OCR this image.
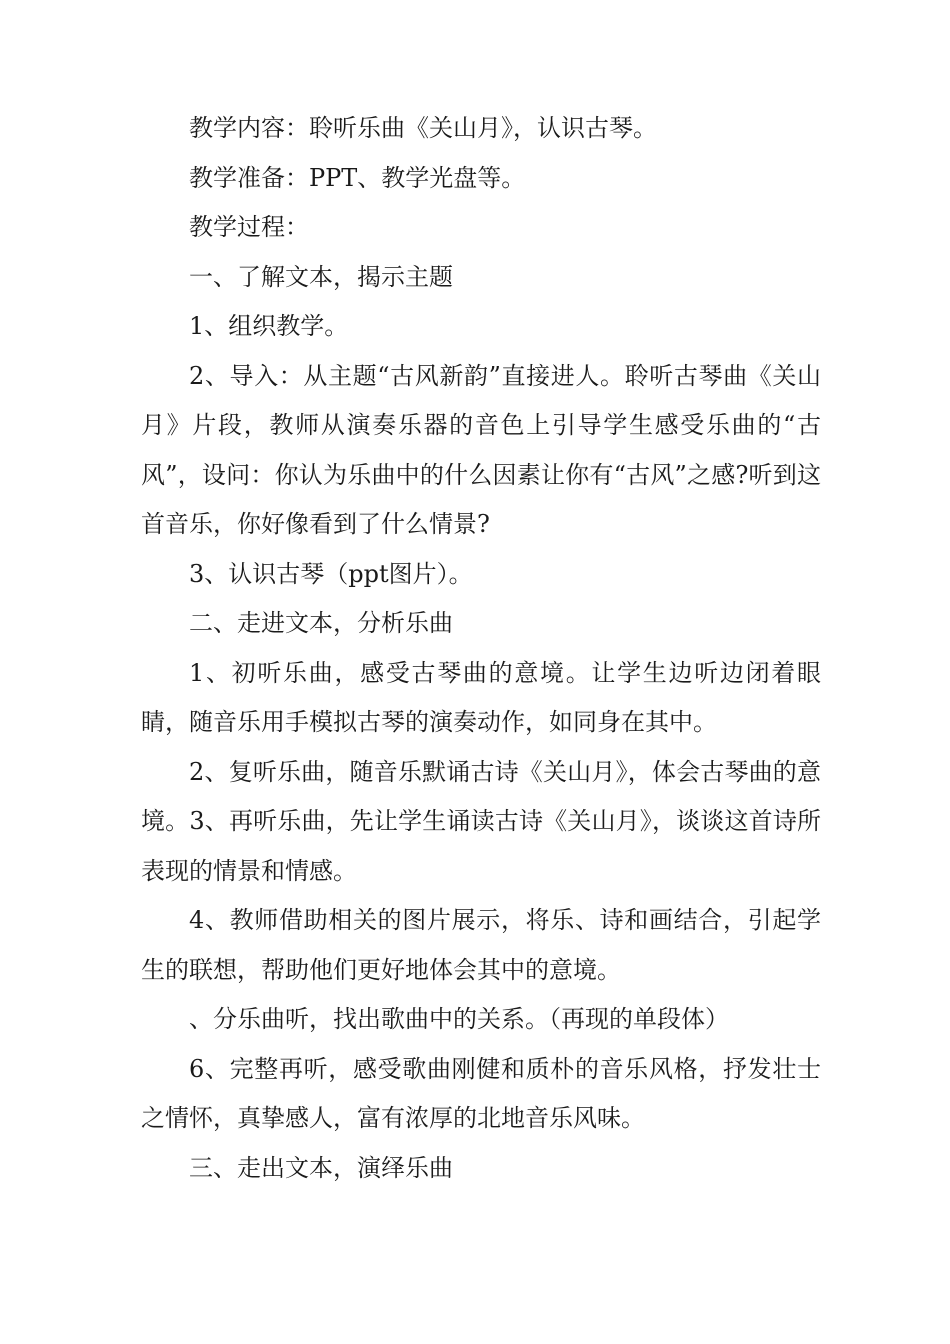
教学内容：聆听乐曲《关山月》，认识古琴。

教学准备：PPT、教学光盘等。

教学过程：

一、了解文本，揭示主题

1、组织教学。

2、导入：从主题“古风新韵”直接进人。聆听古琴曲《关山月》片段，教师从演奏乐器的音色上引导学生感受乐曲的“古风”，设问：你认为乐曲中的什么因素让你有“古风”之感?听到这首音乐，你好像看到了什么情景?

3、认识古琴（ppt图片）。

二、走进文本，分析乐曲

1、初听乐曲，感受古琴曲的意境。让学生边听边闭着眼睛，随音乐用手模拟古琴的演奏动作，如同身在其中。

2、复听乐曲，随音乐默诵古诗《关山月》，体会古琴曲的意境。3、再听乐曲，先让学生诵读古诗《关山月》，谈谈这首诗所表现的情景和情感。

4、教师借助相关的图片展示，将乐、诗和画结合，引起学生的联想，帮助他们更好地体会其中的意境。

、分乐曲听，找出歌曲中的关系。（再现的单段体）

6、完整再听，感受歌曲刚健和质朴的音乐风格，抒发壮士之情怀，真挚感人，富有浓厚的北地音乐风味。

三、走出文本，演绎乐曲
